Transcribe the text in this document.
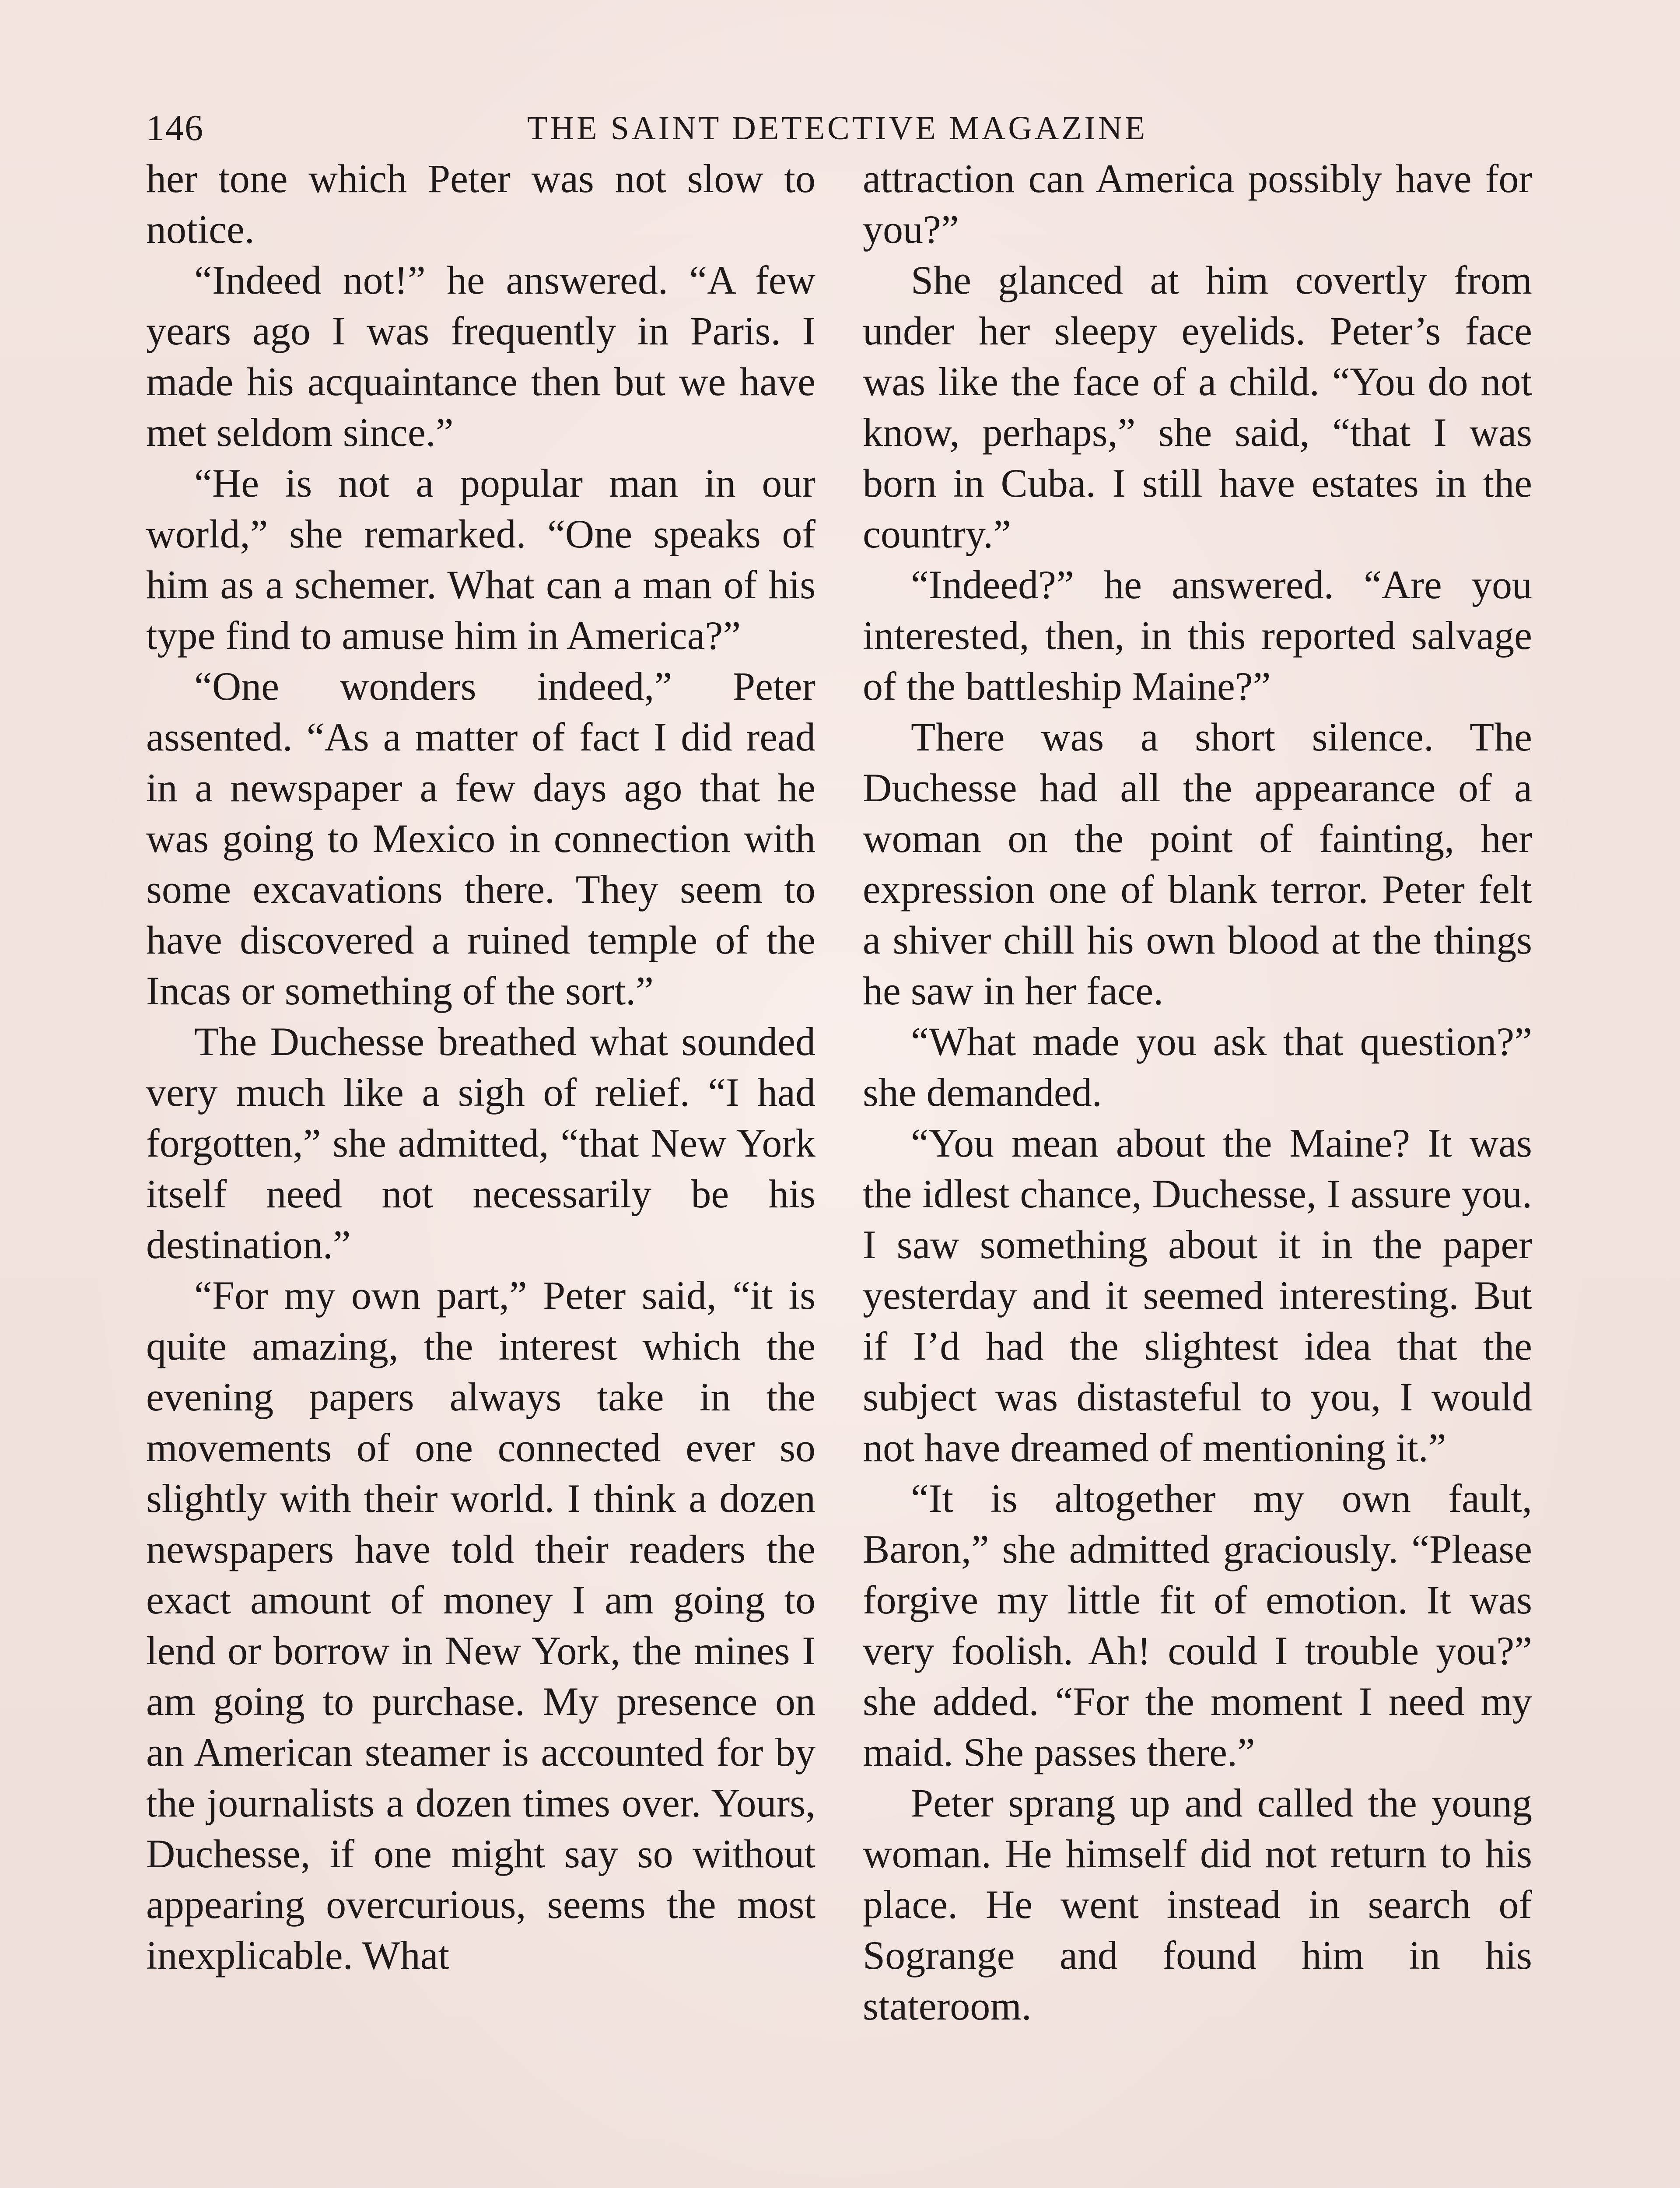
146	THE SAINT DETECTIVE MAGAZINE

her tone which Peter was not slow to notice.

“Indeed not!” he answered. “A few years ago I was frequently in Paris. I made his acquaintance then but we have met seldom since.”

“He is not a popular man in our world,” she remarked. “One speaks of him as a schemer. What can a man of his type find to amuse him in America?”

“One wonders indeed,” Peter assented. “As a matter of fact I did read in a newspaper a few days ago that he was going to Mexico in connection with some excavations there. They seem to have discovered a ruined temple of the Incas or something of the sort.”

The Duchesse breathed what sounded very much like a sigh of relief. “I had forgotten,” she admitted, “that New York itself need not necessarily be his destination.”

“For my own part,” Peter said, “it is quite amazing, the interest which the evening papers always take in the movements of one connected ever so slightly with their world. I think a dozen newspapers have told their readers the exact amount of money I am going to lend or borrow in New York, the mines I am going to purchase. My presence on an American steamer is accounted for by the journalists a dozen times over. Yours, Duchesse, if one might say so without appearing overcurious, seems the most inexplicable. What

attraction can America possibly have for you?”

She glanced at him covertly from under her sleepy eyelids. Peter’s face was like the face of a child. “You do not know, perhaps,” she said, “that I was born in Cuba. I still have estates in the country.”

“Indeed?” he answered. “Are you interested, then, in this reported salvage of the battleship Maine?”

There was a short silence. The Duchesse had all the appearance of a woman on the point of fainting, her expression one of blank terror. Peter felt a shiver chill his own blood at the things he saw in her face.

“What made you ask that question?” she demanded.

“You mean about the Maine? It was the idlest chance, Duchesse, I assure you. I saw something about it in the paper yesterday and it seemed interesting. But if I’d had the slightest idea that the subject was distasteful to you, I would not have dreamed of mentioning it.”

“It is altogether my own fault, Baron,” she admitted graciously. “Please forgive my little fit of emotion. It was very foolish. Ah! could I trouble you?” she added. “For the moment I need my maid. She passes there.”

Peter sprang up and called the young woman. He himself did not return to his place. He went instead in search of Sogrange and found him in his stateroom.
